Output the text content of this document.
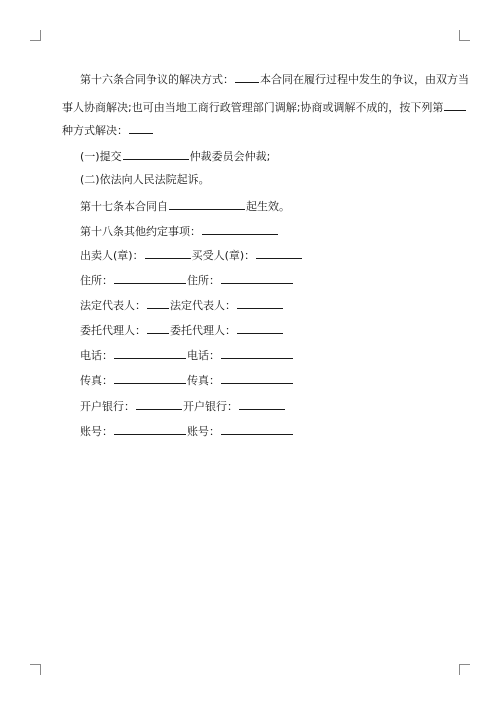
第十六条合同争议的解决方式： 本合同在履行过程中发生的争议，由双方当
事人协商解决;也可由当地工商行政管理部门调解;协商或调解不成的，按下列第
种方式解决：
(一)提交	仲裁委员会仲裁;
(二)依法向人民法院起诉。
第十七条本合同自	起生效。
第十八条其他约定事项：
出卖人(章)：	买受人(章)：
住所：	住所：
法定代表人： 法定代表人：
委托代理人： 委托代理人：
电话：	电话：
传真：	传真：
开户银行：	开户银行：
账号：	账号：
